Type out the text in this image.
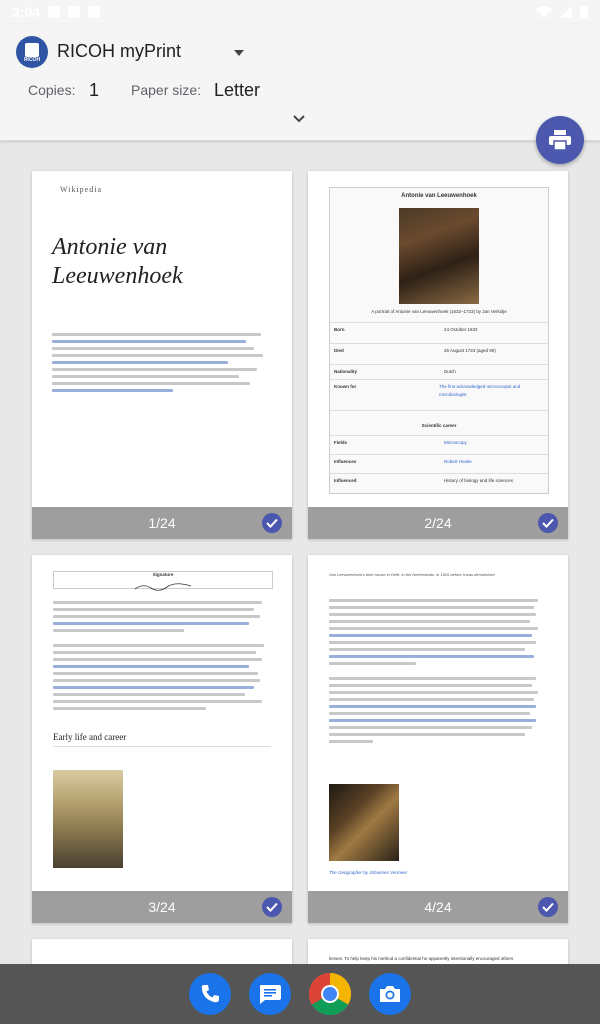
3:04
RICOH RICOH myPrint
Copies: 1 Paper size: Letter
Wikipedia
Antonie van Leeuwenhoek
1/24
Antonie van Leeuwenhoek
A portrait of Antonie van Leeuwenhoek (1632–1723) by Jan Verkolje
Born	24 October 1632
Died	26 August 1723 (aged 90)
Nationality	Dutch
Known for	The first acknowledged microscopist and microbiologist
Scientific career
Fields	Microscopy
Influences	Robert Hooke
Influenced	History of biology and life sciences
2/24
Signature
Early life and career
3/24
Van Leeuwenhoek's birth house in Delft, in the Netherlands, in 1926 before it was demolished
The Geographer by Johannes Vermeer
4/24
lenses. To help keep his method a confidential he apparently intentionally encouraged others
